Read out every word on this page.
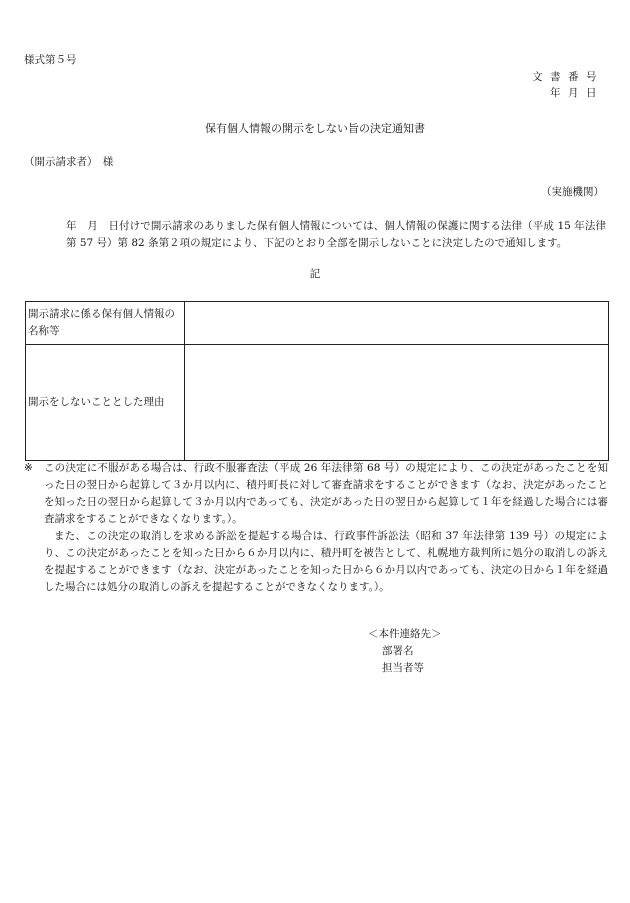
様式第５号
文書番号
年月日
保有個人情報の開示をしない旨の決定通知書
（開示請求者）　様
（実施機関）
年　月　日付けで開示請求のありました保有個人情報については、個人情報の保護に関する法律（平成 15 年法律第 57 号）第 82 条第２項の規定により、下記のとおり全部を開示しないことに決定したので通知します。
記
開示請求に係る保有個人情報の名称等	
開示をしないこととした理由	
※	この決定に不服がある場合は、行政不服審査法（平成 26 年法律第 68 号）の規定により、この決定があったことを知った日の翌日から起算して３か月以内に、積丹町長に対して審査請求をすることができます（なお、決定があったことを知った日の翌日から起算して３か月以内であっても、決定があった日の翌日から起算して１年を経過した場合には審査請求をすることができなくなります。）。
また、この決定の取消しを求める訴訟を提起する場合は、行政事件訴訟法（昭和 37 年法律第 139 号）の規定により、この決定があったことを知った日から６か月以内に、積丹町を被告として、札幌地方裁判所に処分の取消しの訴えを提起することができます（なお、決定があったことを知った日から６か月以内であっても、決定の日から１年を経過した場合には処分の取消しの訴えを提起することができなくなります。）。
＜本件連絡先＞
部署名
担当者等
